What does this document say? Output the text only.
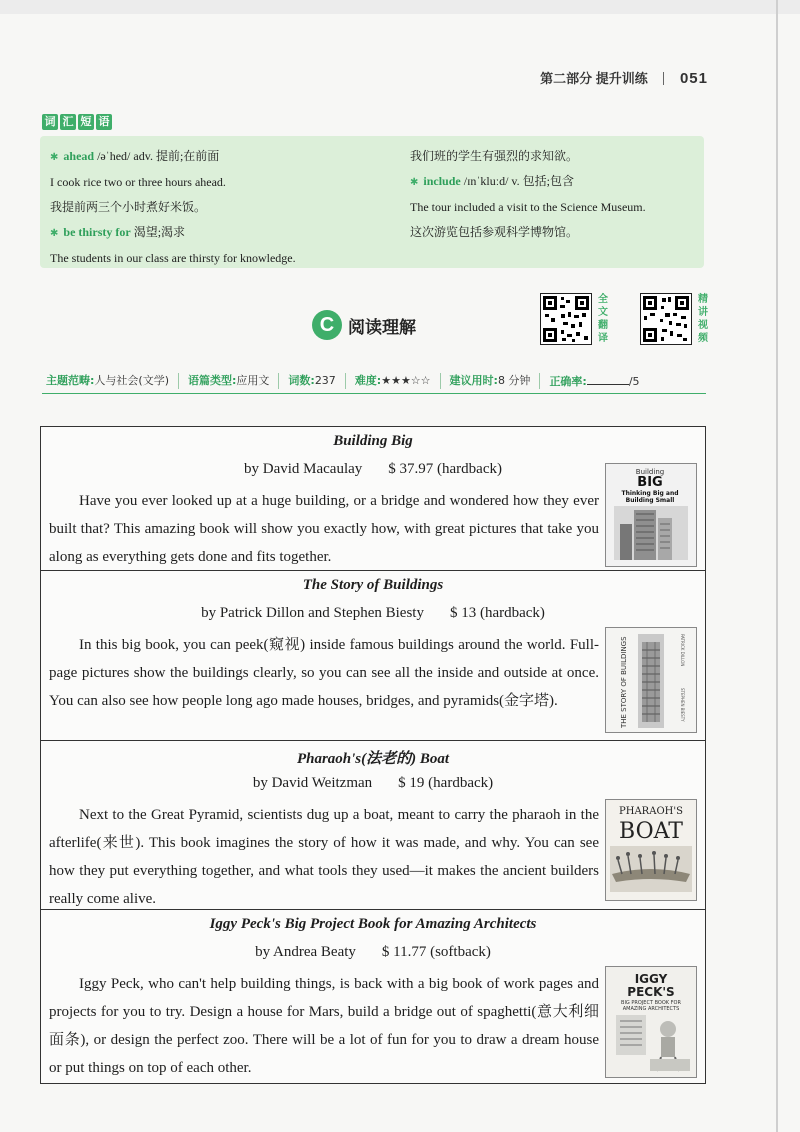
第二部分 提升训练 051
词 汇 短 语
✱ ahead /əˈhed/ adv. 提前;在前面
I cook rice two or three hours ahead.
我提前两三个小时煮好米饭。
✱ be thirsty for 渴望;渴求
The students in our class are thirsty for knowledge.
我们班的学生有强烈的求知欲。
✱ include /ɪnˈkluːd/ v. 包括;包含
The tour included a visit to the Science Museum.
这次游览包括参观科学博物馆。
C 阅读理解
全
文
翻
译
精
讲
视
频
主题范畴:人与社会(文学)	语篇类型:应用文	词数:237	难度:★★★☆☆	建议用时:8 分钟	正确率:	/5
Building Big
by David Macaulay $ 37.97 (hardback)
Have you ever looked up at a huge building, or a bridge and wondered how they ever built that? This amazing book will show you exactly how, with great pictures that take you along as everything gets done and fits together.
Building
BIG
Thinking Big and
Building Small
The Story of Buildings
by Patrick Dillon and Stephen Biesty $ 13 (hardback)
In this big book, you can peek(窥视) inside famous buildings around the world. Full-page pictures show the buildings clearly, so you can see all the inside and outside at once. You can also see how people long ago made houses, bridges, and pyramids(金字塔).	THE STORY OF BUILDINGS	PATRICK DILLON
STEPHEN BIESTY
Pharaoh's(法老的) Boat
by David Weitzman $ 19 (hardback)
Next to the Great Pyramid, scientists dug up a boat, meant to carry the pharaoh in the afterlife(来世). This book imagines the story of how it was made, and why. You can see how they put everything together, and what tools they used—it makes the ancient builders really come alive.
PHARAOH'S
BOAT
Iggy Peck's Big Project Book for Amazing Architects
by Andrea Beaty $ 11.77 (softback)
Iggy Peck, who can't help building things, is back with a big book of work pages and projects for you to try. Design a house for Mars, build a bridge out of spaghetti(意大利细面条), or design the perfect zoo. There will be a lot of fun for you to draw a dream house or put things on top of each other.
IGGY
PECK'S
BIG PROJECT BOOK FOR
AMAZING ARCHITECTS
